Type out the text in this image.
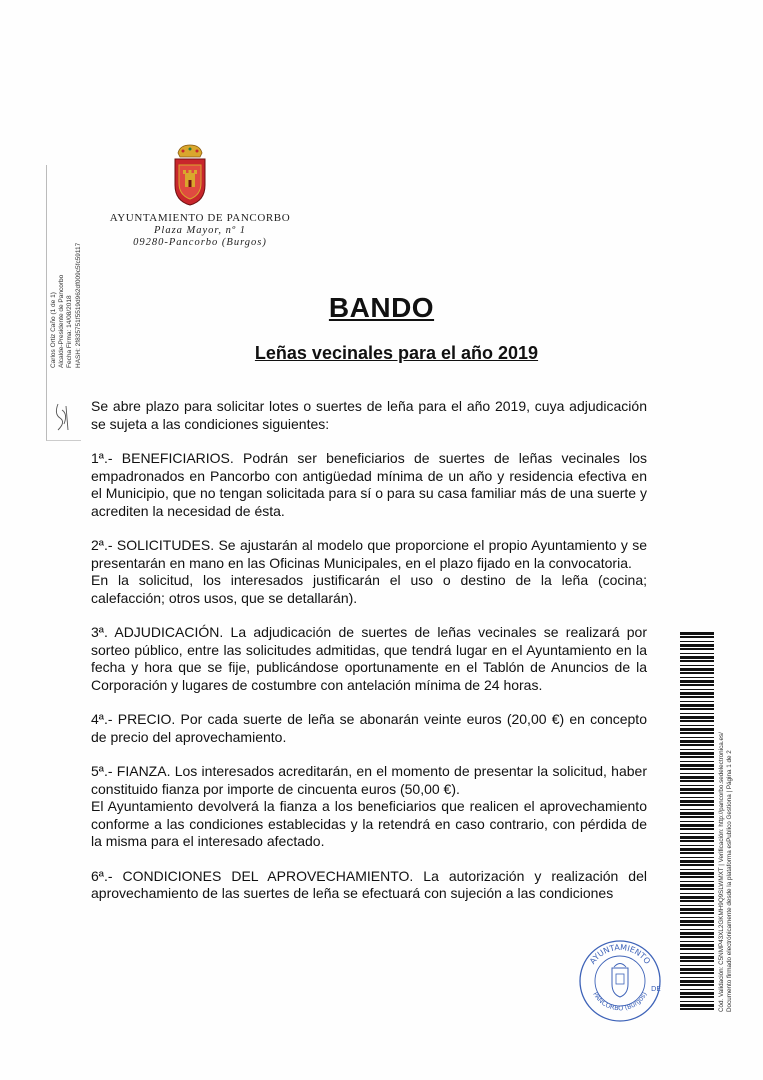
AYUNTAMIENTO DE PANCORBO
Plaza Mayor, nº 1
09280-Pancorbo (Burgos)
Carlos Ortiz Caño (1 de 1) Alcalde-Presidente de Pancorbo Fecha Firma: 14/08/2018 HASH: 2f835751f5519d962df009c5fc59117	BANDO
Leñas vecinales para el año 2019

Se abre plazo para solicitar lotes o suertes de leña para el año 2019, cuya adjudicación se sujeta a las condiciones siguientes:

1ª.- BENEFICIARIOS. Podrán ser beneficiarios de suertes de leñas vecinales los empadronados en Pancorbo con antigüedad mínima de un año y residencia efectiva en el Municipio, que no tengan solicitada para sí o para su casa familiar más de una suerte y acrediten la necesidad de ésta.

2ª.- SOLICITUDES. Se ajustarán al modelo que proporcione el propio Ayuntamiento y se presentarán en mano en las Oficinas Municipales, en el plazo fijado en la convocatoria.

En la solicitud, los interesados justificarán el uso o destino de la leña (cocina; calefacción; otros usos, que se detallarán).

3ª. ADJUDICACIÓN. La adjudicación de suertes de leñas vecinales se realizará por sorteo público, entre las solicitudes admitidas, que tendrá lugar en el Ayuntamiento en la fecha y hora que se fije, publicándose oportunamente en el Tablón de Anuncios de la Corporación y lugares de costumbre con antelación mínima de 24 horas.

4ª.- PRECIO. Por cada suerte de leña se abonarán veinte euros (20,00 €) en concepto de precio del aprovechamiento.

5ª.- FIANZA. Los interesados acreditarán, en el momento de presentar la solicitud, haber constituido fianza por importe de cincuenta euros (50,00 €).

El Ayuntamiento devolverá la fianza a los beneficiarios que realicen el aprovechamiento conforme a las condiciones establecidas y la retendrá en caso contrario, con pérdida de la misma para el interesado afectado.

6ª.- CONDICIONES DEL APROVECHAMIENTO. La autorización y realización del aprovechamiento de las suertes de leña se efectuará con sujeción a las condiciones	Cód. Validación: C5NMP43XL2GKMH9Q9SLWMXT | Verificación: http://pancorbo.sedelectronica.es/ Documento firmado electrónicamente desde la plataforma esPublico Gestiona | Página 1 de 2
AYUNTAMIENTO
DE
PANCORBO (Burgos)
